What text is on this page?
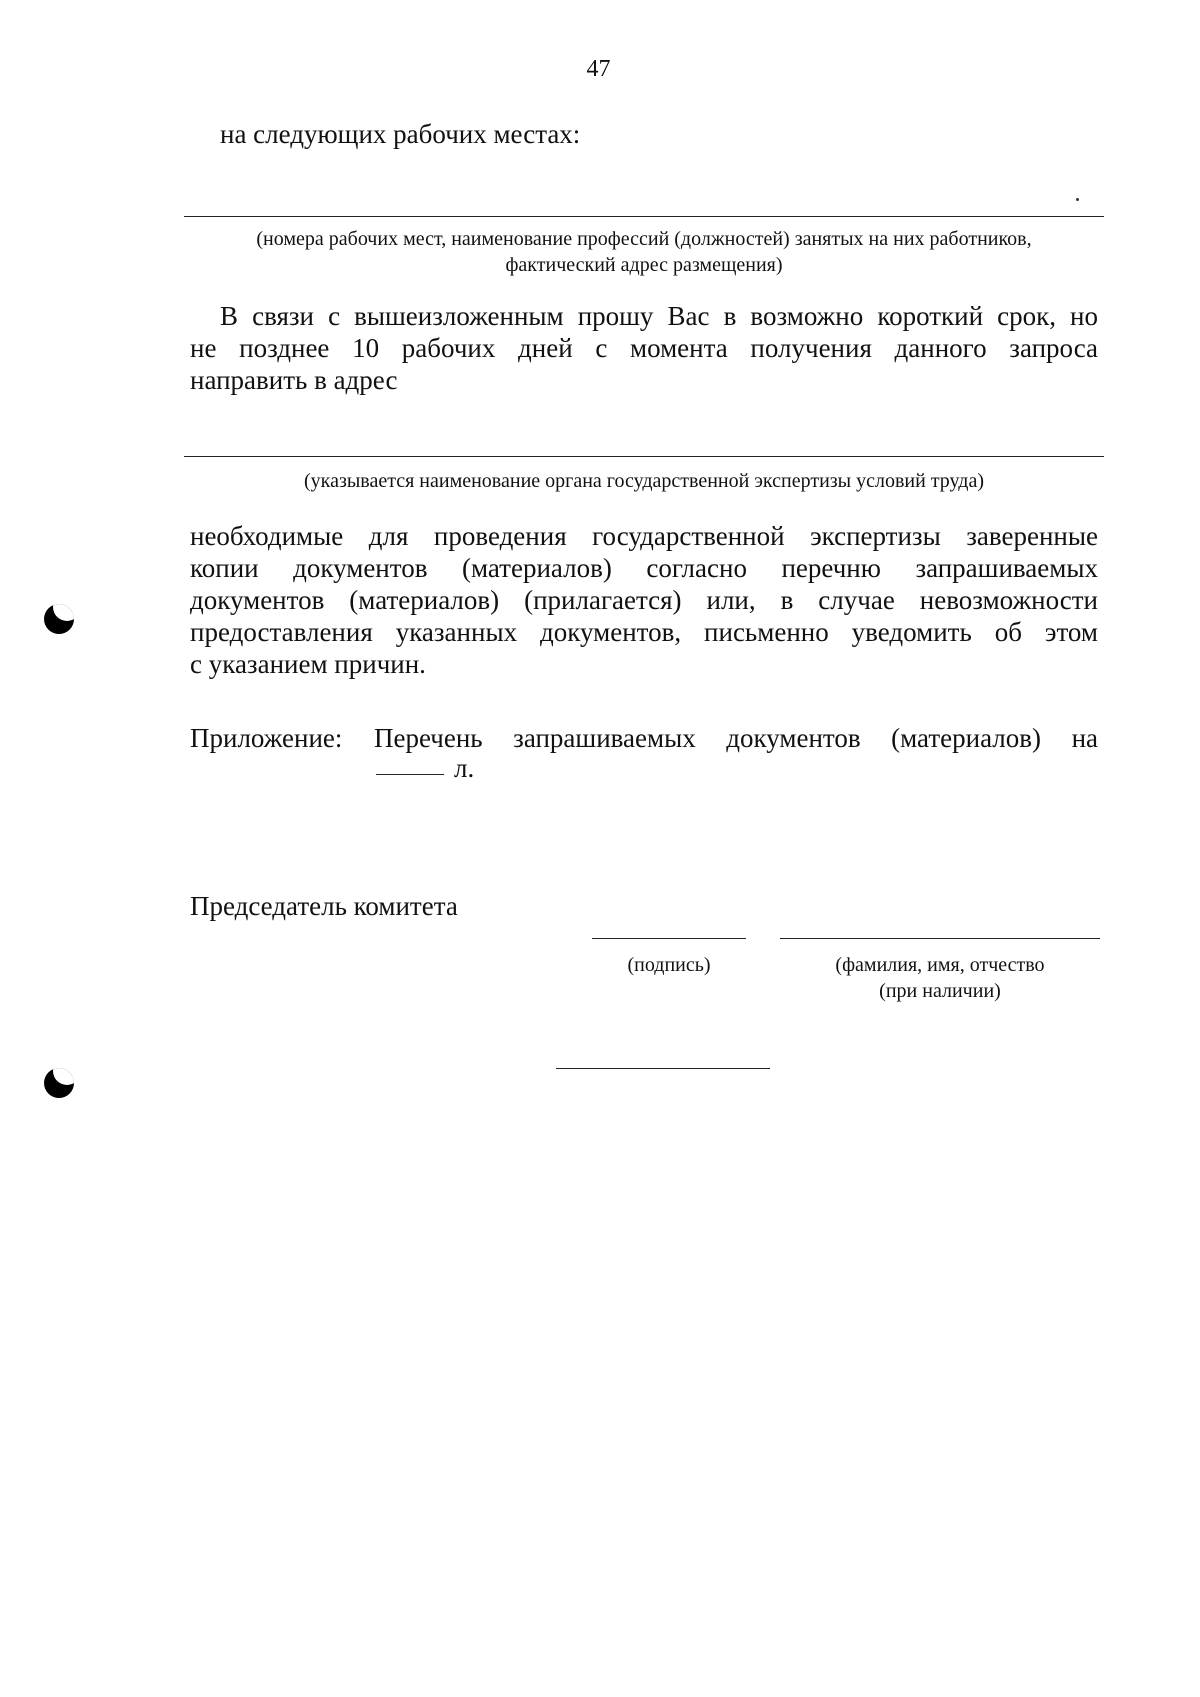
47
на следующих рабочих местах:
(номера рабочих мест, наименование профессий (должностей) занятых на них работников,
фактический адрес размещения)
В связи с вышеизложенным прошу Вас в возможно короткий срок, но
не позднее 10 рабочих дней с момента получения данного запроса
направить в адрес
(указывается наименование органа государственной экспертизы условий труда)
необходимые для проведения государственной экспертизы заверенные
копии документов (материалов) согласно перечню запрашиваемых
документов (материалов) (прилагается) или, в случае невозможности
предоставления указанных документов, письменно уведомить об этом
с указанием причин.
Приложение: Перечень запрашиваемых документов (материалов) на
л.
Председатель комитета
(подпись)	(фамилия, имя, отчество
(при наличии)
